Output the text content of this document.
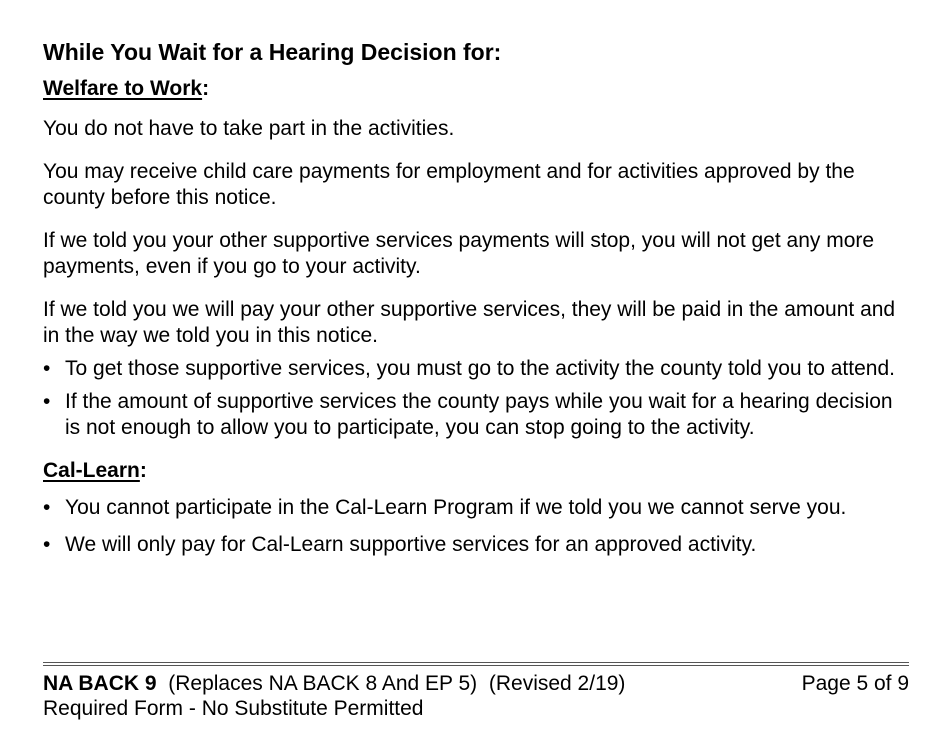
While You Wait for a Hearing Decision for:
Welfare to Work:

You do not have to take part in the activities.

You may receive child care payments for employment and for activities approved by the county before this notice.

If we told you your other supportive services payments will stop, you will not get any more payments, even if you go to your activity.

If we told you we will pay your other supportive services, they will be paid in the amount and in the way we told you in this notice.

• To get those supportive services, you must go to the activity the county told you to attend.
• If the amount of supportive services the county pays while you wait for a hearing decision is not enough to allow you to participate, you can stop going to the activity.
Cal-Learn:
• You cannot participate in the Cal-Learn Program if we told you we cannot serve you.
• We will only pay for Cal-Learn supportive services for an approved activity.
NA BACK 9 (Replaces NA BACK 8 And EP 5) (Revised 2/19)	Page 5 of 9
Required Form - No Substitute Permitted
